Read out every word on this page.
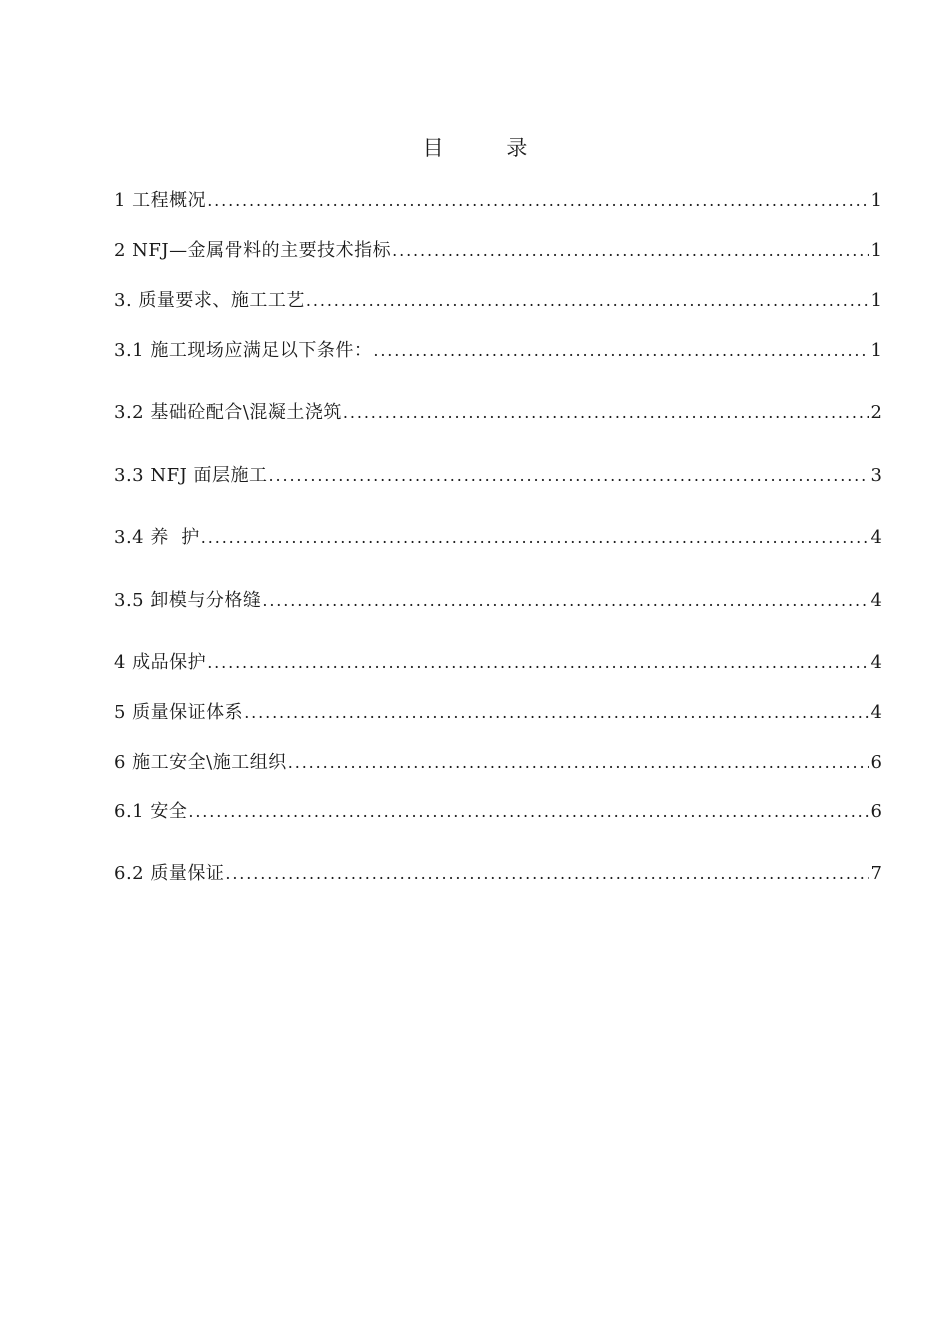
目 录
1 工程概况 . . .	1
2 NFJ—金属骨料的主要技术指标 . . .	1
3. 质量要求、施工工艺 . . .	1
3.1 施工现场应满足以下条件： . . .	1
3.2 基础砼配合\混凝土浇筑 . . .	2
3.3 NFJ 面层施工 . . .	3
3.4 养  护 . . .	4
3.5 卸模与分格缝 . . .	4
4 成品保护 . . .	4
5 质量保证体系 . . .	4
6 施工安全\施工组织 . . .	6
6.1 安全 . . .	6
6.2 质量保证 . . .	7
